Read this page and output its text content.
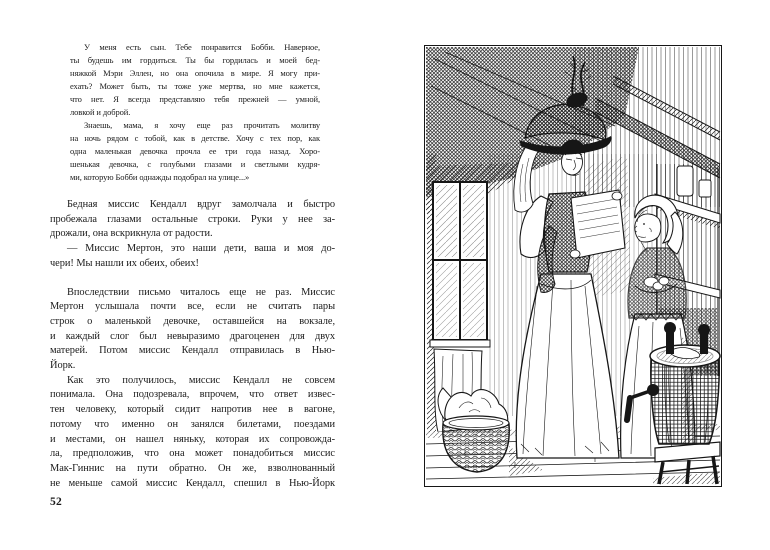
У меня есть сын. Тебе понравится Бобби. Наверное,
ты будешь им гордиться. Ты бы гордилась и моей бед-
няжкой Мэри Эллен, но она опочила в мире. Я могу при-
ехать? Может быть, ты тоже уже мертва, но мне кажется,
что нет. Я всегда представляю тебя прежней — умной,
ловкой и доброй.
Знаешь, мама, я хочу еще раз прочитать молитву
на ночь рядом с тобой, как в детстве. Хочу с тех пор, как
одна маленькая девочка прочла ее три года назад. Хоро-
шенькая девочка, с голубыми глазами и светлыми кудря-
ми, которую Бобби однажды подобрал на улице...»
Бедная миссис Кендалл вдруг замолчала и быстро
пробежала глазами остальные строки. Руки у нее за-
дрожали, она вскрикнула от радости.
— Миссис Мертон, это наши дети, ваша и моя до-
чери! Мы нашли их обеих, обеих!
Впоследствии письмо читалось еще не раз. Миссис
Мертон услышала почти все, если не считать пары
строк о маленькой девочке, оставшейся на вокзале,
и каждый слог был невыразимо драгоценен для двух
матерей. Потом миссис Кендалл отправилась в Нью-
Йорк.
Как это получилось, миссис Кендалл не совсем
понимала. Она подозревала, впрочем, что ответ извес-
тен человеку, который сидит напротив нее в вагоне,
потому что именно он занялся билетами, поездами
и местами, он нашел няньку, которая их сопровожда-
ла, предположив, что она может понадобиться миссис
Мак-Гиннис на пути обратно. Он же, взволнованный
не меньше самой миссис Кендалл, спешил в Нью-Йорк
52
